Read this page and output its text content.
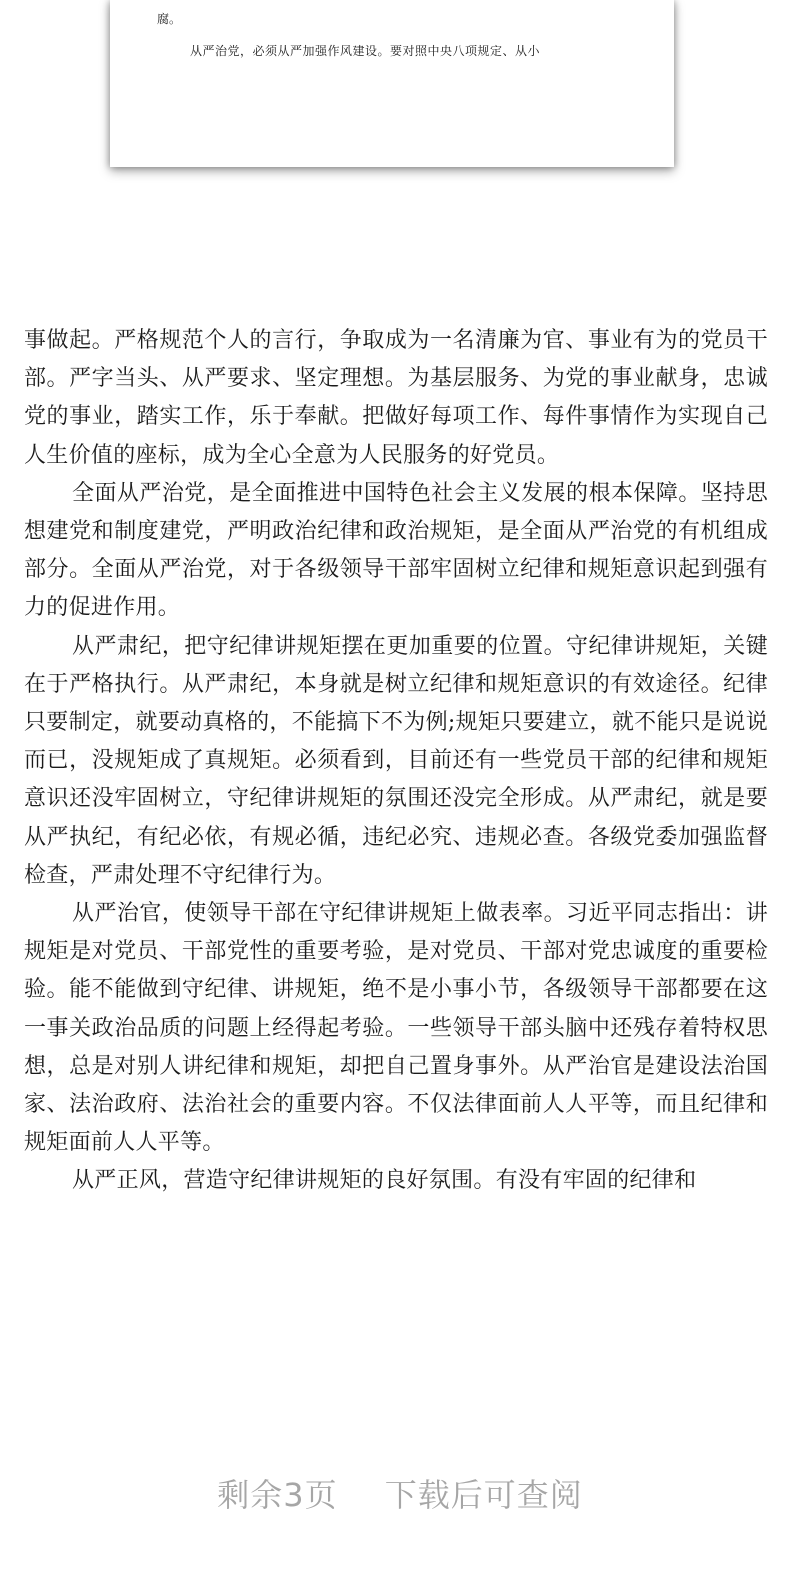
腐。
从严治党，必须从严加强作风建设。要对照中央八项规定、从小

事做起。严格规范个人的言行，争取成为一名清廉为官、事业有为的党员干部。严字当头、从严要求、坚定理想。为基层服务、为党的事业献身，忠诚党的事业，踏实工作，乐于奉献。把做好每项工作、每件事情作为实现自己人生价值的座标，成为全心全意为人民服务的好党员。

全面从严治党，是全面推进中国特色社会主义发展的根本保障。坚持思想建党和制度建党，严明政治纪律和政治规矩，是全面从严治党的有机组成部分。全面从严治党，对于各级领导干部牢固树立纪律和规矩意识起到强有力的促进作用。

从严肃纪，把守纪律讲规矩摆在更加重要的位置。守纪律讲规矩，关键在于严格执行。从严肃纪，本身就是树立纪律和规矩意识的有效途径。纪律只要制定，就要动真格的，不能搞下不为例;规矩只要建立，就不能只是说说而已，没规矩成了真规矩。必须看到，目前还有一些党员干部的纪律和规矩意识还没牢固树立，守纪律讲规矩的氛围还没完全形成。从严肃纪，就是要从严执纪，有纪必依，有规必循，违纪必究、违规必查。各级党委加强监督检查，严肃处理不守纪律行为。

从严治官，使领导干部在守纪律讲规矩上做表率。习近平同志指出：讲规矩是对党员、干部党性的重要考验，是对党员、干部对党忠诚度的重要检验。能不能做到守纪律、讲规矩，绝不是小事小节，各级领导干部都要在这一事关政治品质的问题上经得起考验。一些领导干部头脑中还残存着特权思想，总是对别人讲纪律和规矩，却把自己置身事外。从严治官是建设法治国家、法治政府、法治社会的重要内容。不仅法律面前人人平等，而且纪律和规矩面前人人平等。

从严正风，营造守纪律讲规矩的良好氛围。有没有牢固的纪律和

剩余3页 下载后可查阅
